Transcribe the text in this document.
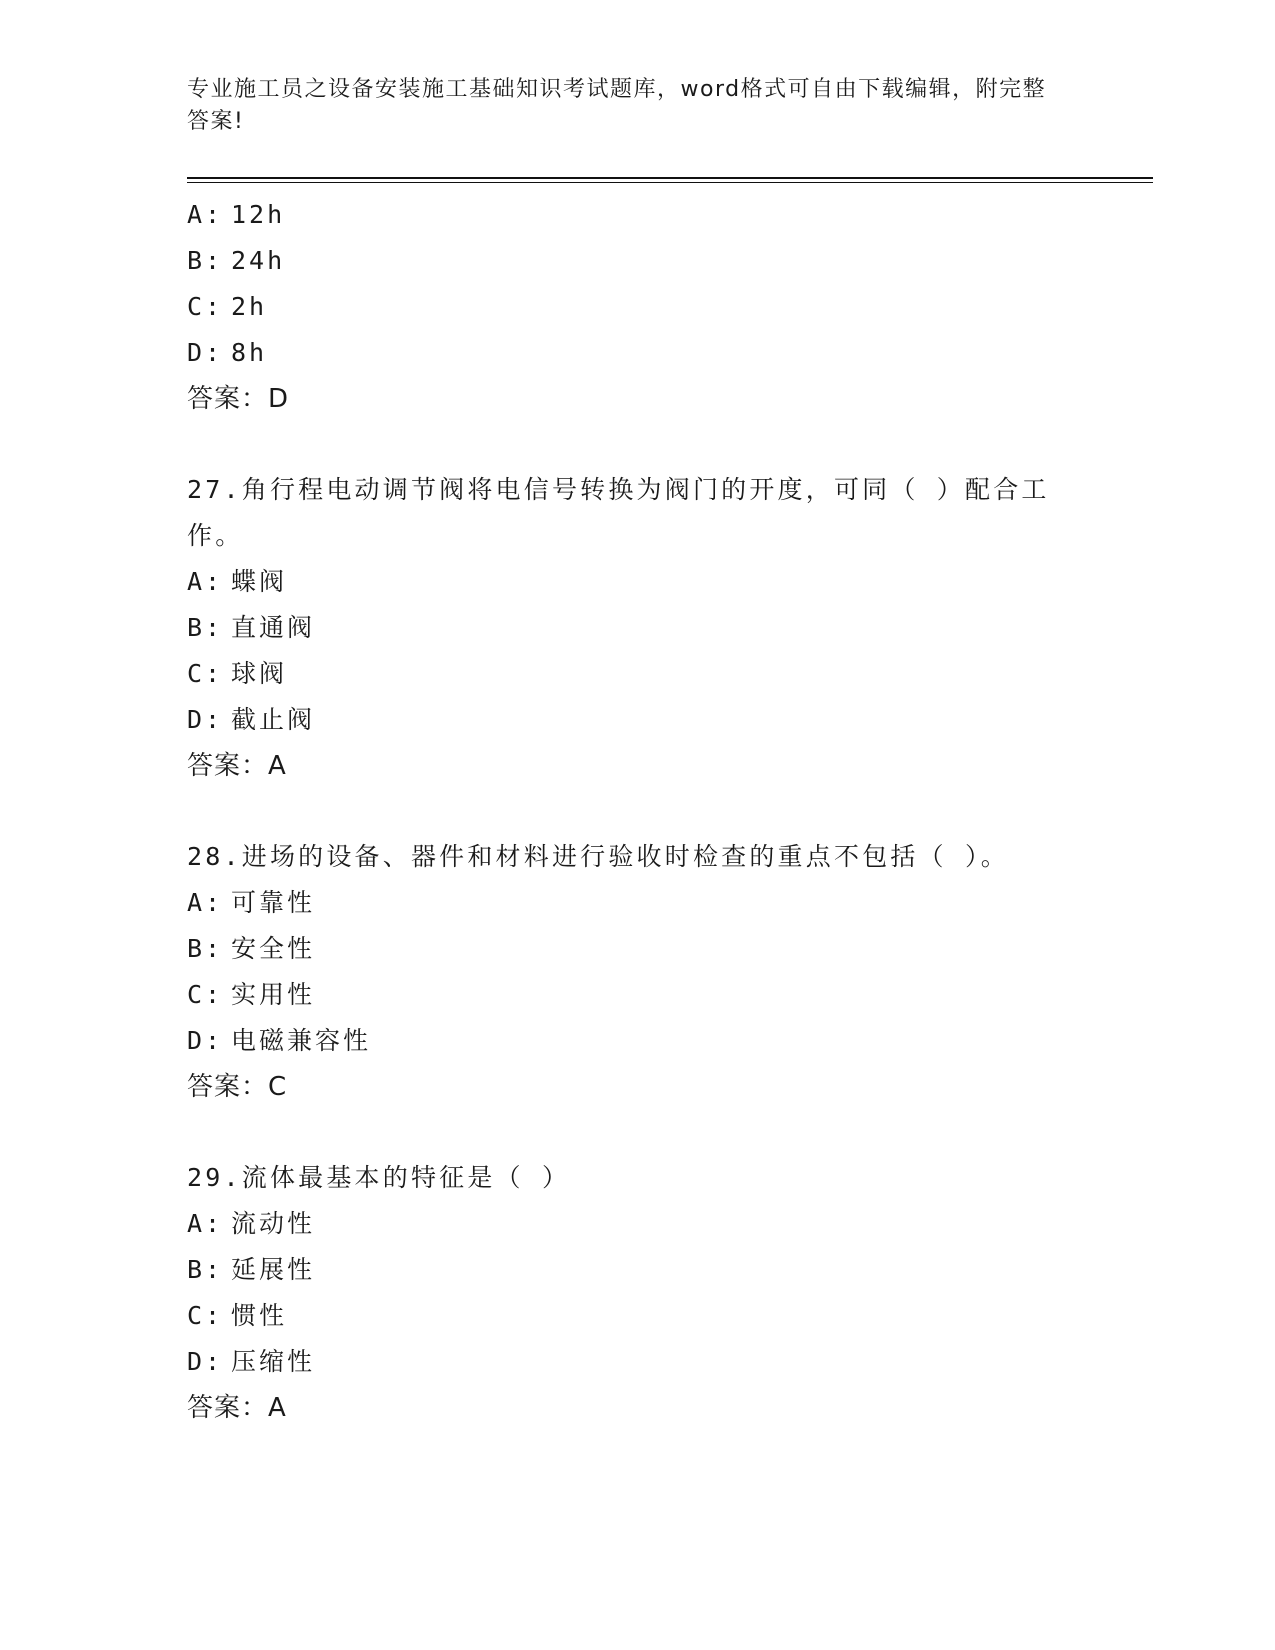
专业施工员之设备安装施工基础知识考试题库，word格式可自由下载编辑，附完整答案!
A: 12h
B: 24h
C: 2h
D: 8h
答案：D
27.角行程电动调节阀将电信号转换为阀门的开度，可同（ ）配合工作。
A: 蝶阀
B: 直通阀
C: 球阀
D: 截止阀
答案：A
28.进场的设备、器件和材料进行验收时检查的重点不包括（ ）。
A: 可靠性
B: 安全性
C: 实用性
D: 电磁兼容性
答案：C
29.流体最基本的特征是（ ）
A: 流动性
B: 延展性
C: 惯性
D: 压缩性
答案：A
